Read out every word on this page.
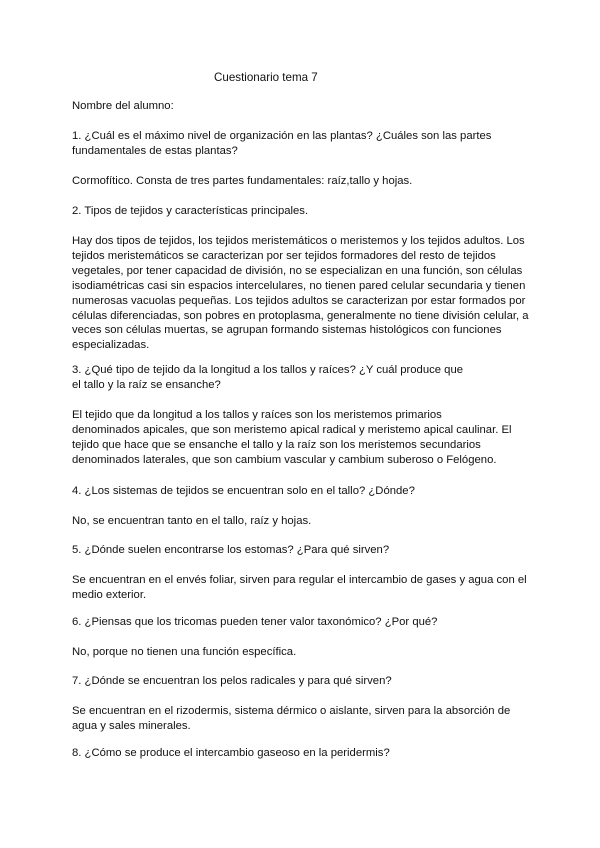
Cuestionario tema 7
Nombre del alumno:
1. ¿Cuál es el máximo nivel de organización en las plantas? ¿Cuáles son las partes fundamentales de estas plantas?
Cormofítico. Consta de tres partes fundamentales: raíz,tallo y hojas.
2. Tipos de tejidos y características principales.
Hay dos tipos de tejidos, los tejidos meristemáticos o meristemos y los tejidos adultos. Los tejidos meristemáticos se caracterizan por ser tejidos formadores del resto de tejidos vegetales, por tener capacidad de división, no se especializan en una función, son células isodiamétricas casi sin espacios intercelulares, no tienen pared celular secundaria y tienen numerosas vacuolas pequeñas. Los tejidos adultos se caracterizan por estar formados por células diferenciadas, son pobres en protoplasma, generalmente no tiene división celular, a veces son células muertas, se agrupan formando sistemas histológicos con funciones especializadas.
3. ¿Qué tipo de tejido da la longitud a los tallos y raíces? ¿Y cuál produce que el tallo y la raíz se ensanche?
El tejido que da longitud a los tallos y raíces son los meristemos primarios denominados apicales, que son meristemo apical radical y meristemo apical caulinar. El tejido que hace que se ensanche el tallo y la raíz son los meristemos secundarios denominados laterales, que son cambium vascular y cambium suberoso o Felógeno.
4. ¿Los sistemas de tejidos se encuentran solo en el tallo? ¿Dónde?
No, se encuentran tanto en el tallo, raíz y hojas.
5. ¿Dónde suelen encontrarse los estomas? ¿Para qué sirven?
Se encuentran en el envés foliar, sirven para regular el intercambio de gases y agua con el medio exterior.
6. ¿Piensas que los tricomas pueden tener valor taxonómico? ¿Por qué?
No, porque no tienen una función específica.
7. ¿Dónde se encuentran los pelos radicales y para qué sirven?
Se encuentran en el rizodermis, sistema dérmico o aislante, sirven para la absorción de agua y sales minerales.
8. ¿Cómo se produce el intercambio gaseoso en la peridermis?
